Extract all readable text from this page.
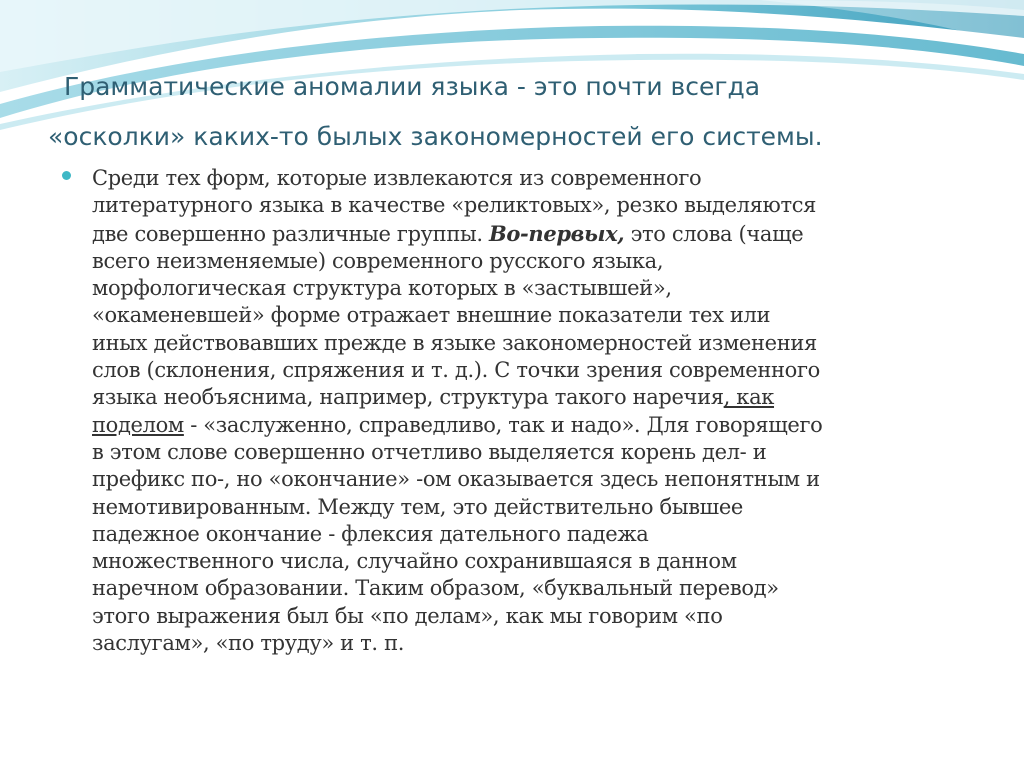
Грамматические аномалии языка - это почти всегда
«осколки» каких-то былых закономерностей его системы.

Среди тех форм, которые извлекаются из современного
литературного языка в качестве «реликтовых», резко выделяются
две совершенно различные группы. Во-первых, это слова (чаще
всего неизменяемые) современного русского языка,
морфологическая структура которых в «застывшей»,
«окаменевшей» форме отражает внешние показатели тех или
иных действовавших прежде в языке закономерностей изменения
слов (склонения, спряжения и т. д.). С точки зрения современного
языка необъяснима, например, структура такого наречия, как
поделом - «заслуженно, справедливо, так и надо». Для говорящего
в этом слове совершенно отчетливо выделяется корень дел- и
префикс по-, но «окончание» -ом оказывается здесь непонятным и
немотивированным. Между тем, это действительно бывшее
падежное окончание - флексия дательного падежа
множественного числа, случайно сохранившаяся в данном
наречном образовании. Таким образом, «буквальный перевод»
этого выражения был бы «по делам», как мы говорим «по
заслугам», «по труду» и т. п.
